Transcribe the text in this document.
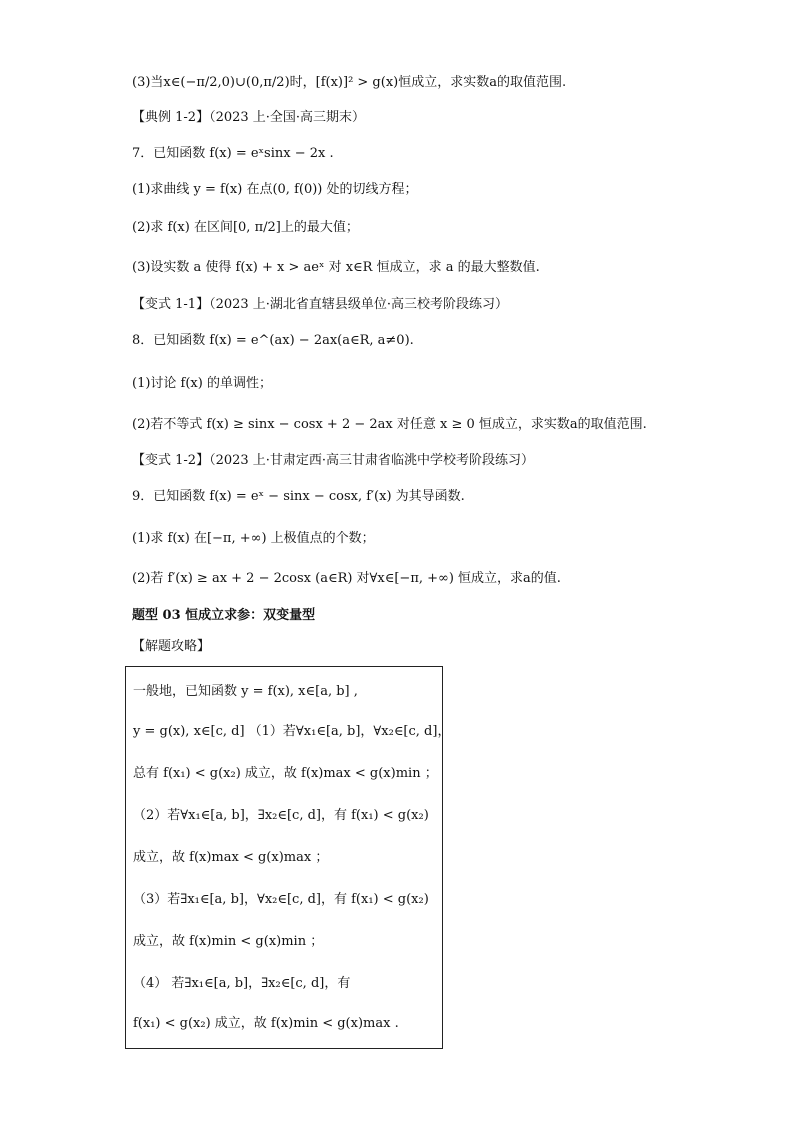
(3)当x∈(−π/2,0)∪(0,π/2)时，[f(x)]² > g(x)恒成立，求实数a的取值范围.
【典例 1-2】（2023 上·全国·高三期末）
7．已知函数 f(x) = eˣsinx − 2x .
(1)求曲线 y = f(x) 在点(0, f(0)) 处的切线方程；
(2)求 f(x) 在区间[0, π/2]上的最大值；
(3)设实数 a 使得 f(x) + x > aeˣ 对 x∈R 恒成立，求 a 的最大整数值.
【变式 1-1】（2023 上·湖北省直辖县级单位·高三校考阶段练习）
8．已知函数 f(x) = e^(ax) − 2ax(a∈R, a≠0).
(1)讨论 f(x) 的单调性；
(2)若不等式 f(x) ≥ sinx − cosx + 2 − 2ax 对任意 x ≥ 0 恒成立，求实数a的取值范围.
【变式 1-2】（2023 上·甘肃定西·高三甘肃省临洮中学校考阶段练习）
9．已知函数 f(x) = eˣ − sinx − cosx, f′(x) 为其导函数.
(1)求 f(x) 在[−π, +∞) 上极值点的个数；
(2)若 f′(x) ≥ ax + 2 − 2cosx (a∈R) 对∀x∈[−π, +∞) 恒成立，求a的值.
题型 03 恒成立求参：双变量型
【解题攻略】
一般地，已知函数 y = f(x), x∈[a, b] ,
y = g(x), x∈[c, d] （1）若∀x₁∈[a, b]，∀x₂∈[c, d]，
总有 f(x₁) < g(x₂) 成立，故 f(x)max < g(x)min ；
（2）若∀x₁∈[a, b]，∃x₂∈[c, d]，有 f(x₁) < g(x₂)
成立，故 f(x)max < g(x)max ；
（3）若∃x₁∈[a, b]，∀x₂∈[c, d]，有 f(x₁) < g(x₂)
成立，故 f(x)min < g(x)min ；
（4） 若∃x₁∈[a, b]，∃x₂∈[c, d]，有
f(x₁) < g(x₂) 成立，故 f(x)min < g(x)max .
